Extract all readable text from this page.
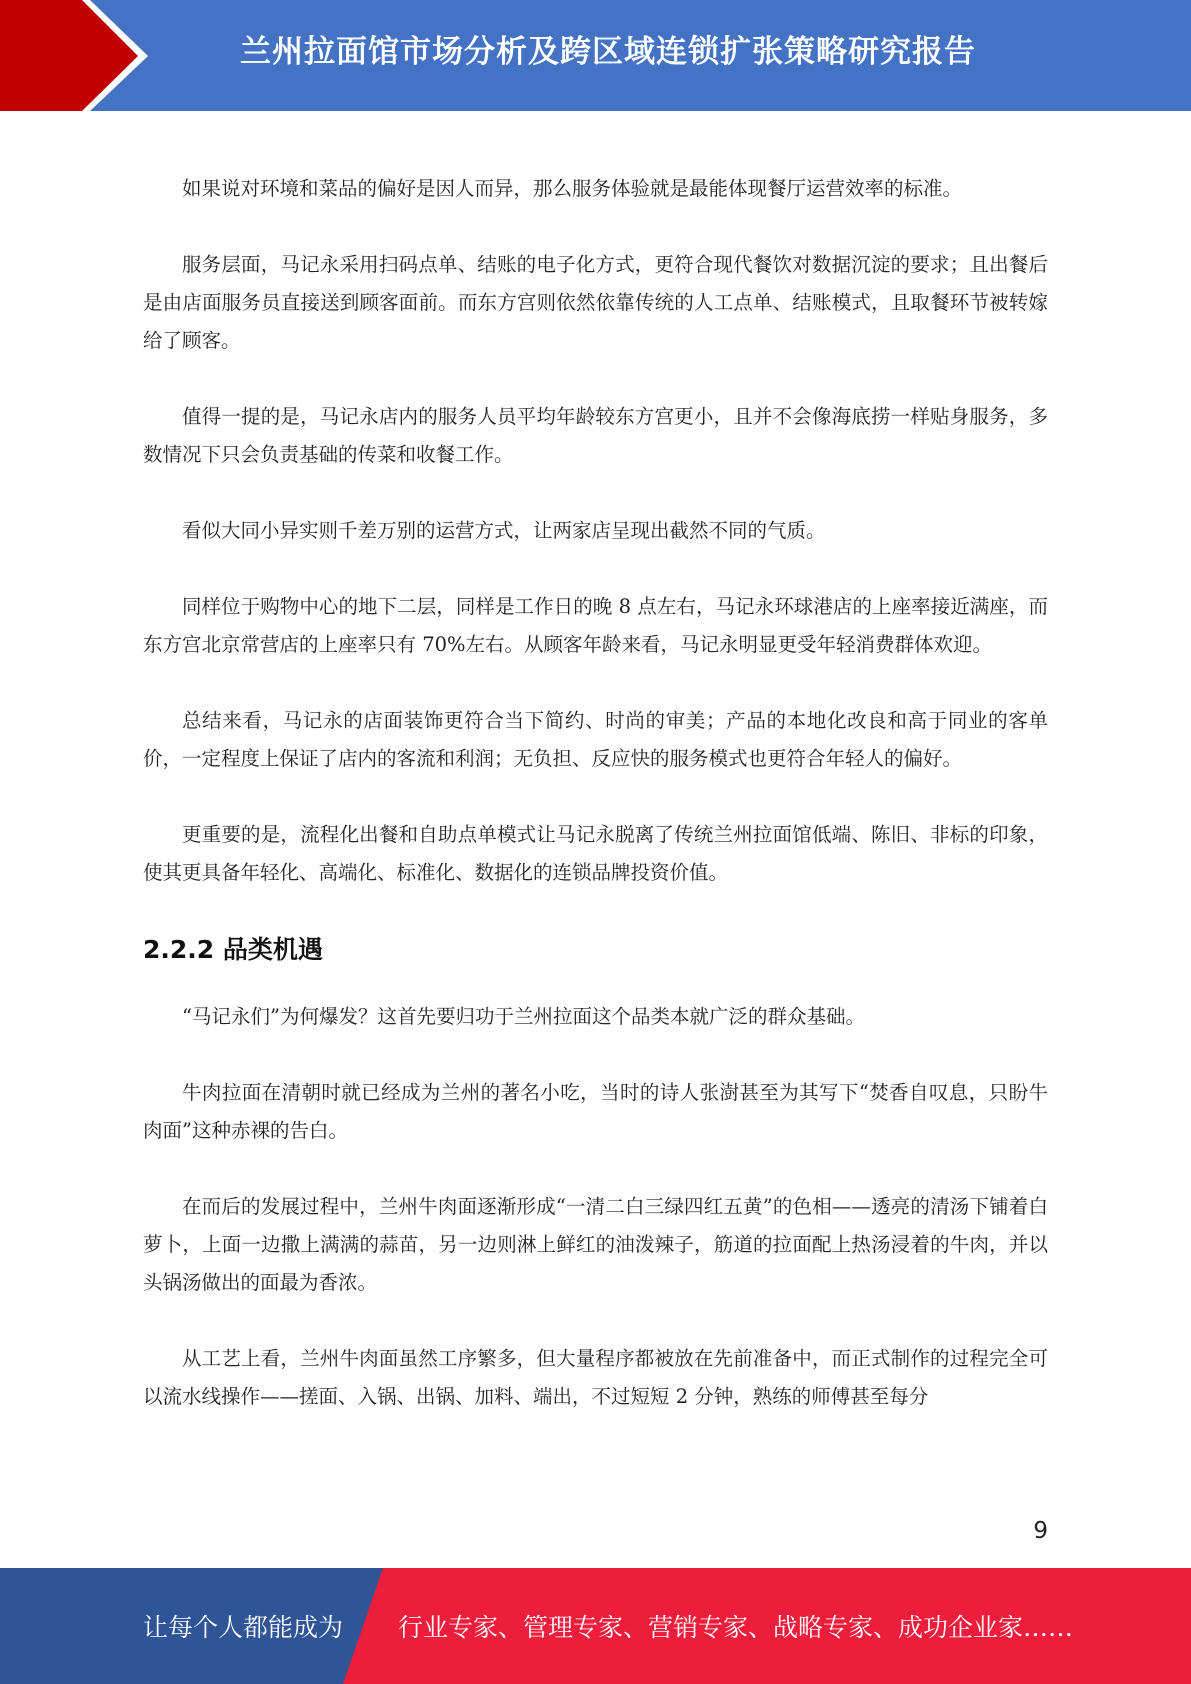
兰州拉面馆市场分析及跨区域连锁扩张策略研究报告

如果说对环境和菜品的偏好是因人而异，那么服务体验就是最能体现餐厅运营效率的标准。

服务层面，马记永采用扫码点单、结账的电子化方式，更符合现代餐饮对数据沉淀的要求；且出餐后是由店面服务员直接送到顾客面前。而东方宫则依然依靠传统的人工点单、结账模式，且取餐环节被转嫁给了顾客。

值得一提的是，马记永店内的服务人员平均年龄较东方宫更小，且并不会像海底捞一样贴身服务，多数情况下只会负责基础的传菜和收餐工作。

看似大同小异实则千差万别的运营方式，让两家店呈现出截然不同的气质。

同样位于购物中心的地下二层，同样是工作日的晚 8 点左右，马记永环球港店的上座率接近满座，而东方宫北京常营店的上座率只有 70%左右。从顾客年龄来看，马记永明显更受年轻消费群体欢迎。

总结来看，马记永的店面装饰更符合当下简约、时尚的审美；产品的本地化改良和高于同业的客单价，一定程度上保证了店内的客流和利润；无负担、反应快的服务模式也更符合年轻人的偏好。

更重要的是，流程化出餐和自助点单模式让马记永脱离了传统兰州拉面馆低端、陈旧、非标的印象，使其更具备年轻化、高端化、标准化、数据化的连锁品牌投资价值。

2.2.2 品类机遇

“马记永们”为何爆发？这首先要归功于兰州拉面这个品类本就广泛的群众基础。

牛肉拉面在清朝时就已经成为兰州的著名小吃，当时的诗人张澍甚至为其写下“焚香自叹息，只盼牛肉面”这种赤裸的告白。

在而后的发展过程中，兰州牛肉面逐渐形成“一清二白三绿四红五黄”的色相——透亮的清汤下铺着白萝卜，上面一边撒上满满的蒜苗，另一边则淋上鲜红的油泼辣子，筋道的拉面配上热汤浸着的牛肉，并以头锅汤做出的面最为香浓。

从工艺上看，兰州牛肉面虽然工序繁多，但大量程序都被放在先前准备中，而正式制作的过程完全可以流水线操作——搓面、入锅、出锅、加料、端出，不过短短 2 分钟，熟练的师傅甚至每分

9
让每个人都能成为 行业专家、管理专家、营销专家、战略专家、成功企业家……
